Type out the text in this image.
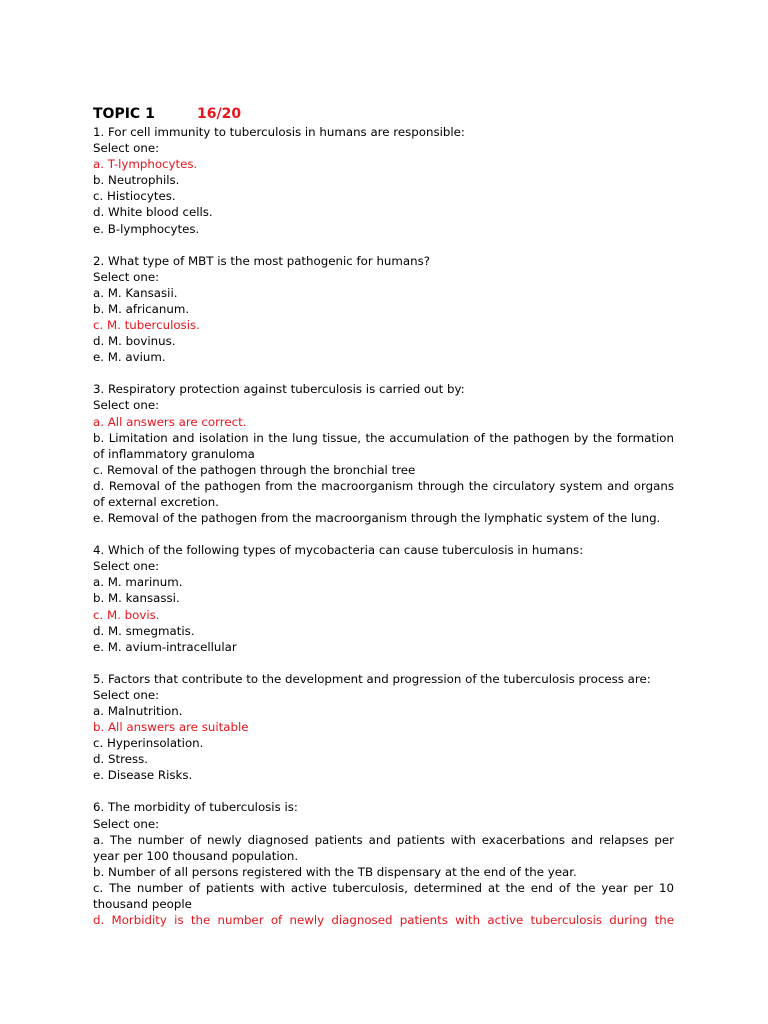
TOPIC 1	16/20
1. For cell immunity to tuberculosis in humans are responsible:
Select one:
a. T-lymphocytes.
b. Neutrophils.
c. Histiocytes.
d. White blood cells.
e. B-lymphocytes.
2. What type of MBT is the most pathogenic for humans?
Select one:
a. M. Kansasii.
b. M. africanum.
c. M. tuberculosis.
d. M. bovinus.
e. M. avium.
3. Respiratory protection against tuberculosis is carried out by:
Select one:
a. All answers are correct.
b. Limitation and isolation in the lung tissue, the accumulation of the pathogen by the formation of inflammatory granuloma
c. Removal of the pathogen through the bronchial tree
d. Removal of the pathogen from the macroorganism through the circulatory system and organs of external excretion.
e. Removal of the pathogen from the macroorganism through the lymphatic system of the lung.
4. Which of the following types of mycobacteria can cause tuberculosis in humans:
Select one:
a. M. marinum.
b. M. kansassi.
c. M. bovis.
d. M. smegmatis.
e. M. avium-intracellular
5. Factors that contribute to the development and progression of the tuberculosis process are:
Select one:
a. Malnutrition.
b. All answers are suitable
c. Hyperinsolation.
d. Stress.
e. Disease Risks.
6. The morbidity of tuberculosis is:
Select one:
a. The number of newly diagnosed patients and patients with exacerbations and relapses per year per 100 thousand population.
b. Number of all persons registered with the TB dispensary at the end of the year.
c. The number of patients with active tuberculosis, determined at the end of the year per 10 thousand people
d. Morbidity is the number of newly diagnosed patients with active tuberculosis during the
